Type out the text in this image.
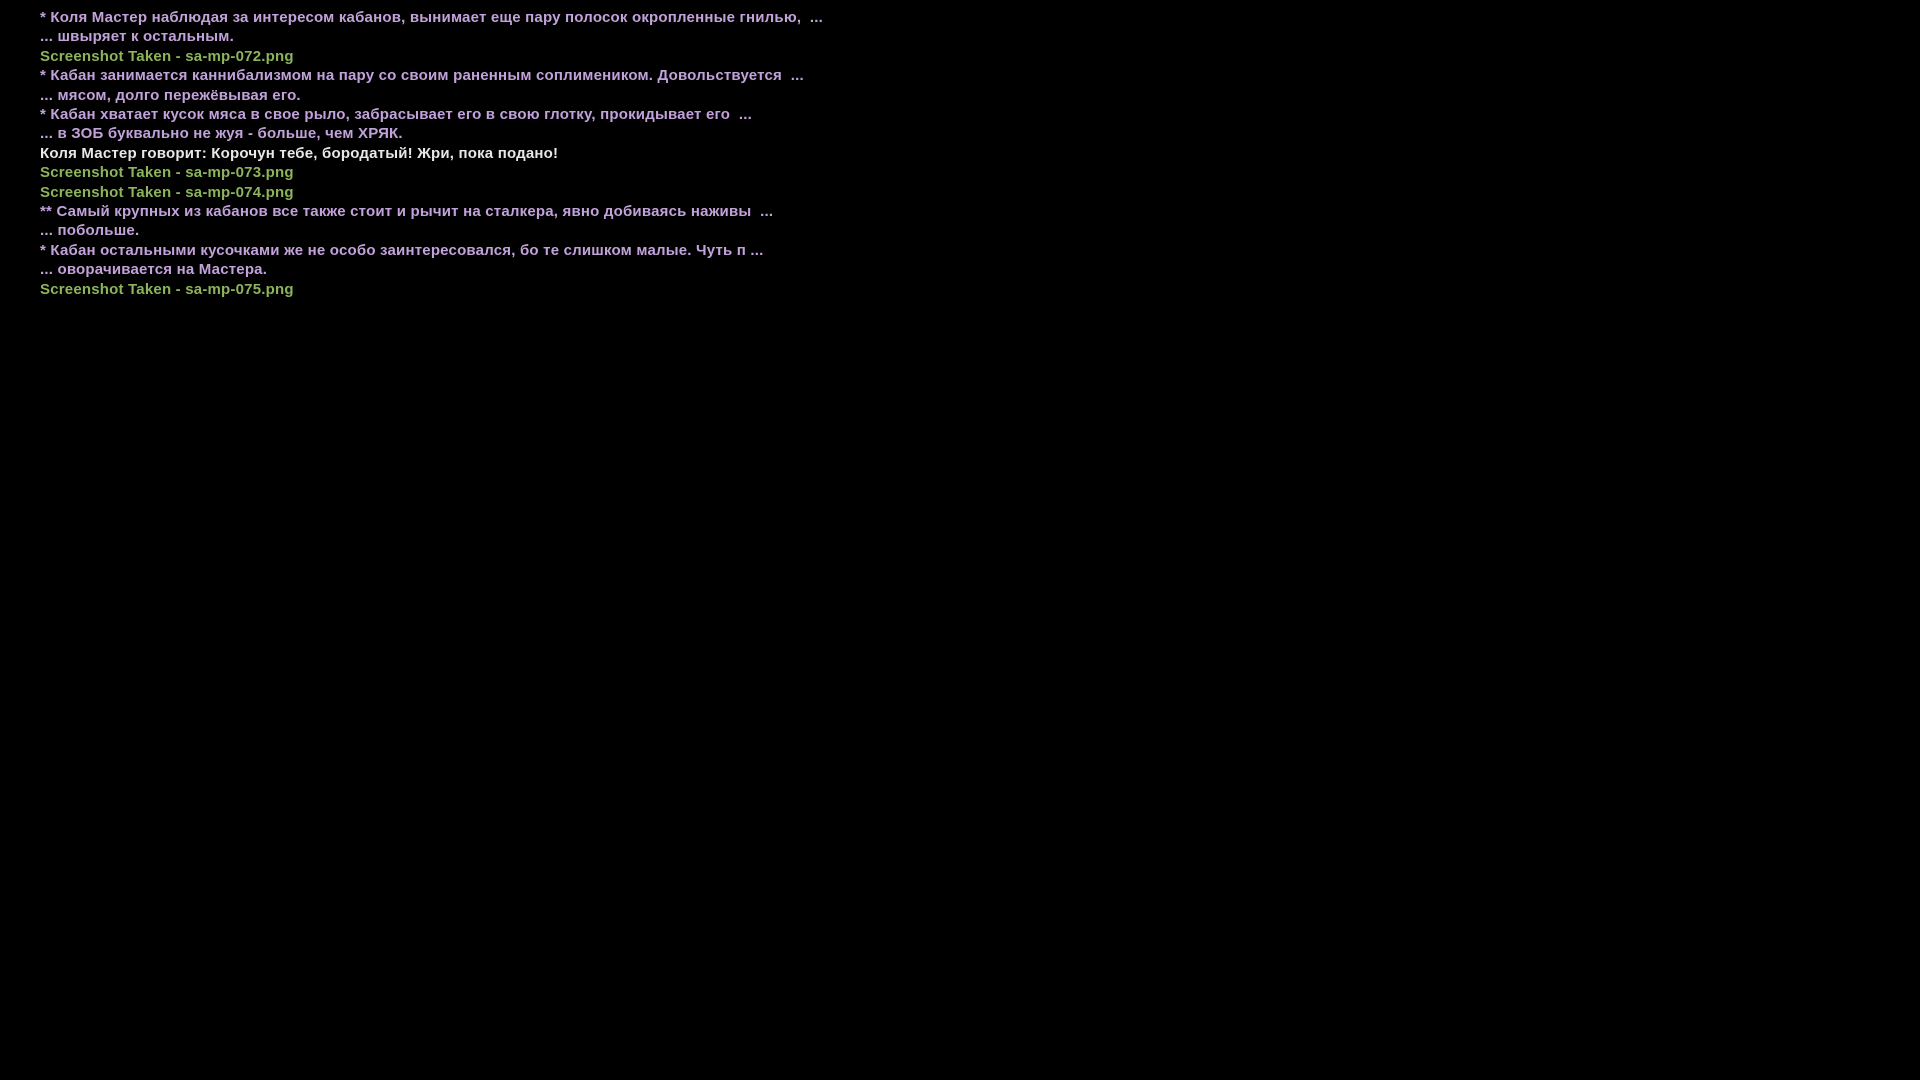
* Коля Мастер наблюдая за интересом кабанов, вынимает еще пару полосок окропленные гнилью,  ...
... швыряет к остальным.
Screenshot Taken - sa-mp-072.png
* Кабан занимается каннибализмом на пару со своим раненным соплимеником. Довольствуется  ...
... мясом, долго пережёвывая его.
* Кабан хватает кусок мяса в свое рыло, забрасывает его в свою глотку, прокидывает его  ...
... в ЗОБ буквально не жуя - больше, чем ХРЯК.
Коля Мастер говорит: Корочун тебе, бородатый! Жри, пока подано!
Screenshot Taken - sa-mp-073.png
Screenshot Taken - sa-mp-074.png
** Самый крупных из кабанов все также стоит и рычит на сталкера, явно добиваясь наживы  ...
... побольше.
* Кабан остальными кусочками же не особо заинтересовался, бо те слишком малые. Чуть п ...
... оворачивается на Мастера.
Screenshot Taken - sa-mp-075.png
